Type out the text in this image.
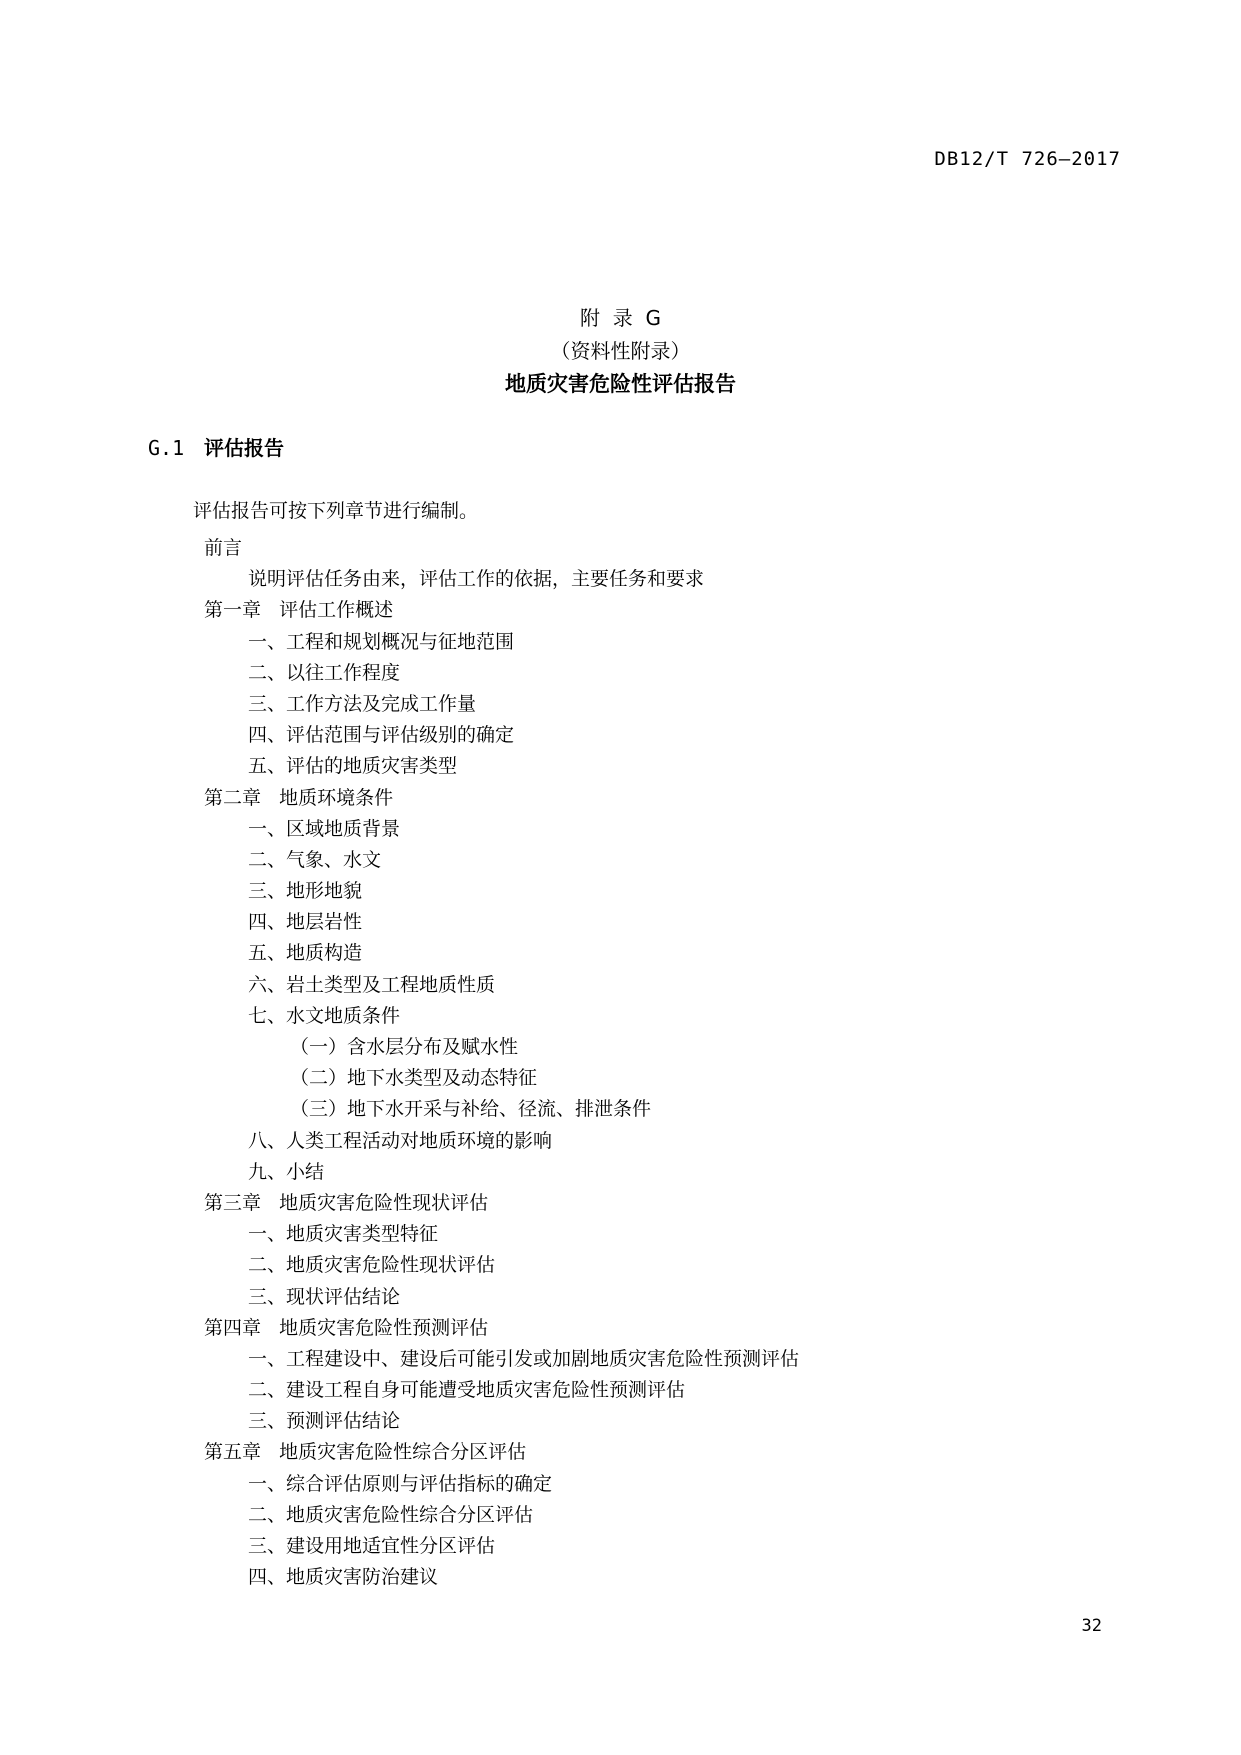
DB12/T 726—2017
附  录  G
（资料性附录）
地质灾害危险性评估报告
G.1 评估报告
评估报告可按下列章节进行编制。
前言
说明评估任务由来，评估工作的依据，主要任务和要求
第一章   评估工作概述
一、工程和规划概况与征地范围
二、以往工作程度
三、工作方法及完成工作量
四、评估范围与评估级别的确定
五、评估的地质灾害类型
第二章   地质环境条件
一、区域地质背景
二、气象、水文
三、地形地貌
四、地层岩性
五、地质构造
六、岩土类型及工程地质性质
七、水文地质条件
（一）含水层分布及赋水性
（二）地下水类型及动态特征
（三）地下水开采与补给、径流、排泄条件
八、人类工程活动对地质环境的影响
九、小结
第三章   地质灾害危险性现状评估
一、地质灾害类型特征
二、地质灾害危险性现状评估
三、现状评估结论
第四章   地质灾害危险性预测评估
一、工程建设中、建设后可能引发或加剧地质灾害危险性预测评估
二、建设工程自身可能遭受地质灾害危险性预测评估
三、预测评估结论
第五章   地质灾害危险性综合分区评估
一、综合评估原则与评估指标的确定
二、地质灾害危险性综合分区评估
三、建设用地适宜性分区评估
四、地质灾害防治建议
32
